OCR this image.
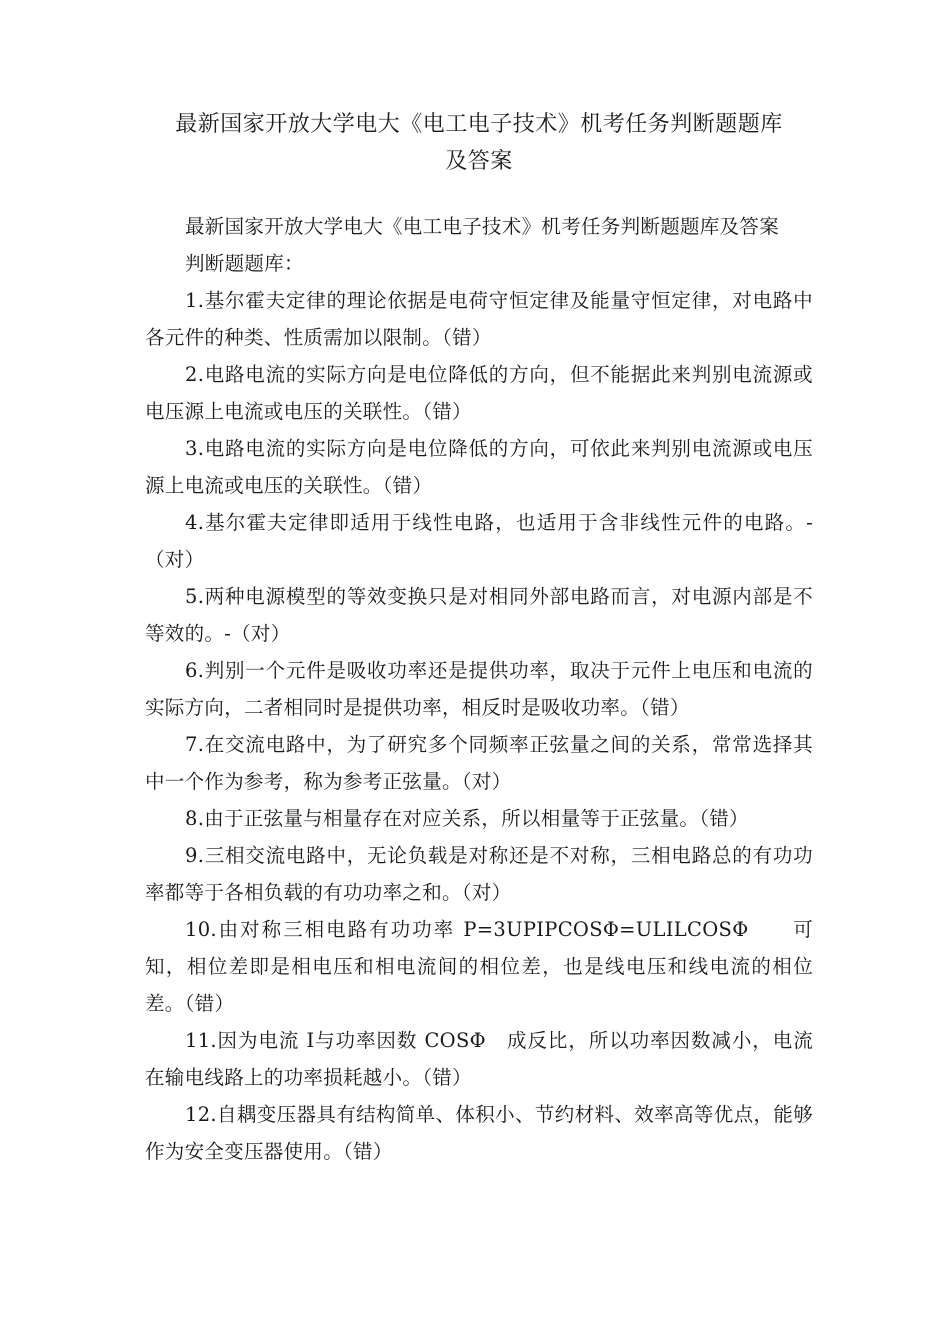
最新国家开放大学电大《电工电子技术》机考任务判断题题库
及答案

最新国家开放大学电大《电工电子技术》机考任务判断题题库及答案

判断题题库：

1.基尔霍夫定律的理论依据是电荷守恒定律及能量守恒定律，对电路中各元件的种类、性质需加以限制。（错）

2.电路电流的实际方向是电位降低的方向，但不能据此来判别电流源或电压源上电流或电压的关联性。（错）

3.电路电流的实际方向是电位降低的方向，可依此来判别电流源或电压源上电流或电压的关联性。（错）

4.基尔霍夫定律即适用于线性电路，也适用于含非线性元件的电路。-（对）

5.两种电源模型的等效变换只是对相同外部电路而言，对电源内部是不等效的。-（对）

6.判别一个元件是吸收功率还是提供功率，取决于元件上电压和电流的实际方向，二者相同时是提供功率，相反时是吸收功率。（错）

7.在交流电路中，为了研究多个同频率正弦量之间的关系，常常选择其中一个作为参考，称为参考正弦量。（对）

8.由于正弦量与相量存在对应关系，所以相量等于正弦量。（错）

9.三相交流电路中，无论负载是对称还是不对称，三相电路总的有功功率都等于各相负载的有功功率之和。（对）

10.由对称三相电路有功功率 P=3UPIPCOSΦ=ULILCOSΦ　　可知，相位差即是相电压和相电流间的相位差，也是线电压和线电流的相位差。（错）

11.因为电流 I与功率因数 COSΦ　成反比，所以功率因数减小，电流在输电线路上的功率损耗越小。（错）

12.自耦变压器具有结构简单、体积小、节约材料、效率高等优点，能够作为安全变压器使用。（错）
